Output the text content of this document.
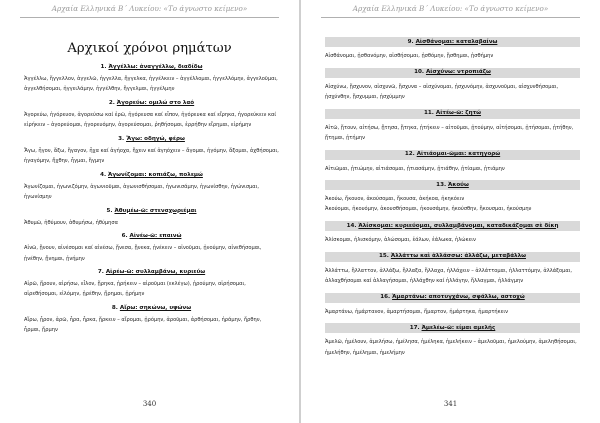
Αρχαία Ελληνικά Β΄ Λυκείου: «Το άγνωστο κείμενο»
Αρχικοί χρόνοι ρημάτων
1. Ἀγγέλλω: ἀναγγέλλω, διαδίδω
Ἀγγέλλω, ἤγγελλον, ἀγγελῶ, ἠγγελλα, ἤγγελκα, ἠγγέλκειν – ἀγγέλλομαι, ἠγγελλόμην, ἀγγελοῦμαι, ἀγγελθήσομαι, ἠγγειλάμην, ἠγγέλθην, ἤγγελμαι, ἠγγέλμην
2. Ἀγορεύω: ομιλώ στο λαό
Ἀγορεύω, ἠγόρευον, ἀγορεύσω καί ἐρῶ, ἠγόρευσα καί εἶπον, ἠγόρευκα καί εἴρηκα, ἠγορεύκειν καί εἰρήκειν – ἀγορεύομαι, ἠγορευόμην, ἀγορεύσομαι, ῥηθήσομαι, ἐρρήθην εἴρημαι, εἰρήμην
3. Ἄγω: οδηγώ, φέρω
Ἄγω, ἦγον, ἄξω, ἤγαγον, ἦχα καί ἀγήοχα, ἤχειν καί ἀγηόχειν – ἄγομαι, ἠγόμην, ἄξομαι, ἀχθήσομαι, ἠγαγόμην, ἤχθην, ἦγμαι, ἤγμην
4. Ἀγωνίζομαι: κοπιάζω, πολεμώ
Ἀγωνίζομαι, ἠγωνιζόμην, ἀγωνιοῦμαι, ἀγωνισθήσομαι, ἠγωνισάμην, ἠγωνίσθην, ἠγώνισμαι, ἠγωνίσμην
5. Ἀθυμέω-ῶ: στεναχωριέμαι
Ἀθυμῶ, ἠθύμουν, ἀθυμήσω, ἠθύμησα
6. Αἰνέω-ῶ: επαινώ
Αἰνῶ, ᾔνουν, αἰνέσομαι καί αἰνέσω, ᾔνεσα, ᾔνεκα, ᾐνέκειν – αἰνοῦμαι, ᾐνούμην, αἰνεθήσομαι, ᾐνέθην, ᾔνημαι, ᾐνήμην
7. Αἱρέω-ῶ: συλλαμβάνω, κυριεύω
Αἱρῶ, ᾕρουν, αἱρήσω, εἷλον, ᾕρηκα, ᾑρήκειν – αἱροῦμαι (εκλέγω), ᾑρούμην, αἱρήσομαι, αἱρεθήσομαι, εἱλόμην, ᾑρέθην, ᾕρημαι, ᾑρήμην
8. Αἴρω: σηκώνω, υψώνω
Αἴρω, ᾖρον, ἀρῶ, ἦρα, ἦρκα, ᾔρκειν – αἴρομαι, ᾐρόμην, ἀροῦμαι, ἀρθήσομαι, ἠράμην, ἤρθην, ἦρμαι, ᾔρμην
340
Αρχαία Ελληνικά Β΄ Λυκείου: «Το άγνωστο κείμενο»
9. Αἰσθάνομαι: καταλαβαίνω
Αἰσθάνομαι, ᾐσθανόμην, αἰσθήσομαι, ᾐσθόμην, ᾔσθημαι, ᾐσθήμην
10. Αἰσχύνω: ντροπιάζω
Αἰσχύνω, ᾔσχυνον, αἰσχυνῶ, ᾔσχυνα – αἰσχύνομαι, ᾐσχυνόμην, ἀσχυνοῦμαι, αἰσχυνθήσομαι, ᾐσχύνθην, ᾔσχυμμαι, ᾐσχύμμην
11. Αἰτέω-ῶ: ζητώ
Αἰτῶ, ᾔτουν, αἰτήσω, ᾔτησα, ᾔτηκα, ᾐτήκειν – αἰτοῦμαι, ᾐτούμην, αἰτήσομαι, ᾐτήσομαι, ᾐτήθην, ᾔτημαι, ᾐτήμην
12. Αἰτιάομαι-ῶμαι: κατηγορώ
Αἰτιῶμαι, ᾐτιώμην, αἰτιάσομαι, ᾐτιασάμην, ᾐτιάθην, ᾐτίαμαι, ᾐτιάμην
13. Ἀκούω
Ἀκούω, ἤκουον, ἀκούσομαι, ἤκουσα, ἀκήκοα, ἠκηκόειν
Ἀκούομαι, ἠκουόμην, ἀκουσθήσομαι, ἠκουσάμην, ἠκούσθην, ἤκουσμαι, ἠκούσμην
14. Ἁλίσκομαι: κυριεύομαι, συλλαμβάνομαι, καταδικάζομαι σὲ δίκη
Ἁλίσκομαι, ἡλισκόμην, ἁλώσομαι, ἑάλων, ἑάλωκα, ἡλώκειν
15. Ἀλλάττω καὶ ἀλλάσσω: ἀλλάζω, μεταβάλλω
Ἀλλάττω, ἤλλαττον, ἀλλάξω, ἤλλαξα, ἤλλαχα, ἠλλάχειν – ἀλλάττομαι, ἠλλαττόμην, ἀλλάξομαι, ἀλλαχθήσομαι καί ἀλλαγήσομαι, ἠλλάχθην καί ἠλλάγην, ἤλλαγμαι, ἠλλάγμην
16. Ἁμαρτάνω: αποτυγχάνω, σφάλλω, αστοχώ
Ἁμαρτάνω, ἡμάρτανον, ἁμαρτήσομαι, ἥμαρτον, ἡμάρτηκα, ἡμαρτήκειν
17. Ἀμελέω-ῶ: είμαι αμελής
Ἀμελῶ, ἠμέλουν, ἀμελήσω, ἠμέλησα, ἠμέληκα, ἠμελήκειν – ἀμελοῦμαι, ἠμελούμην, ἀμεληθήσομαι, ἠμελήθην, ἠμέλημαι, ἠμελήμην
341
